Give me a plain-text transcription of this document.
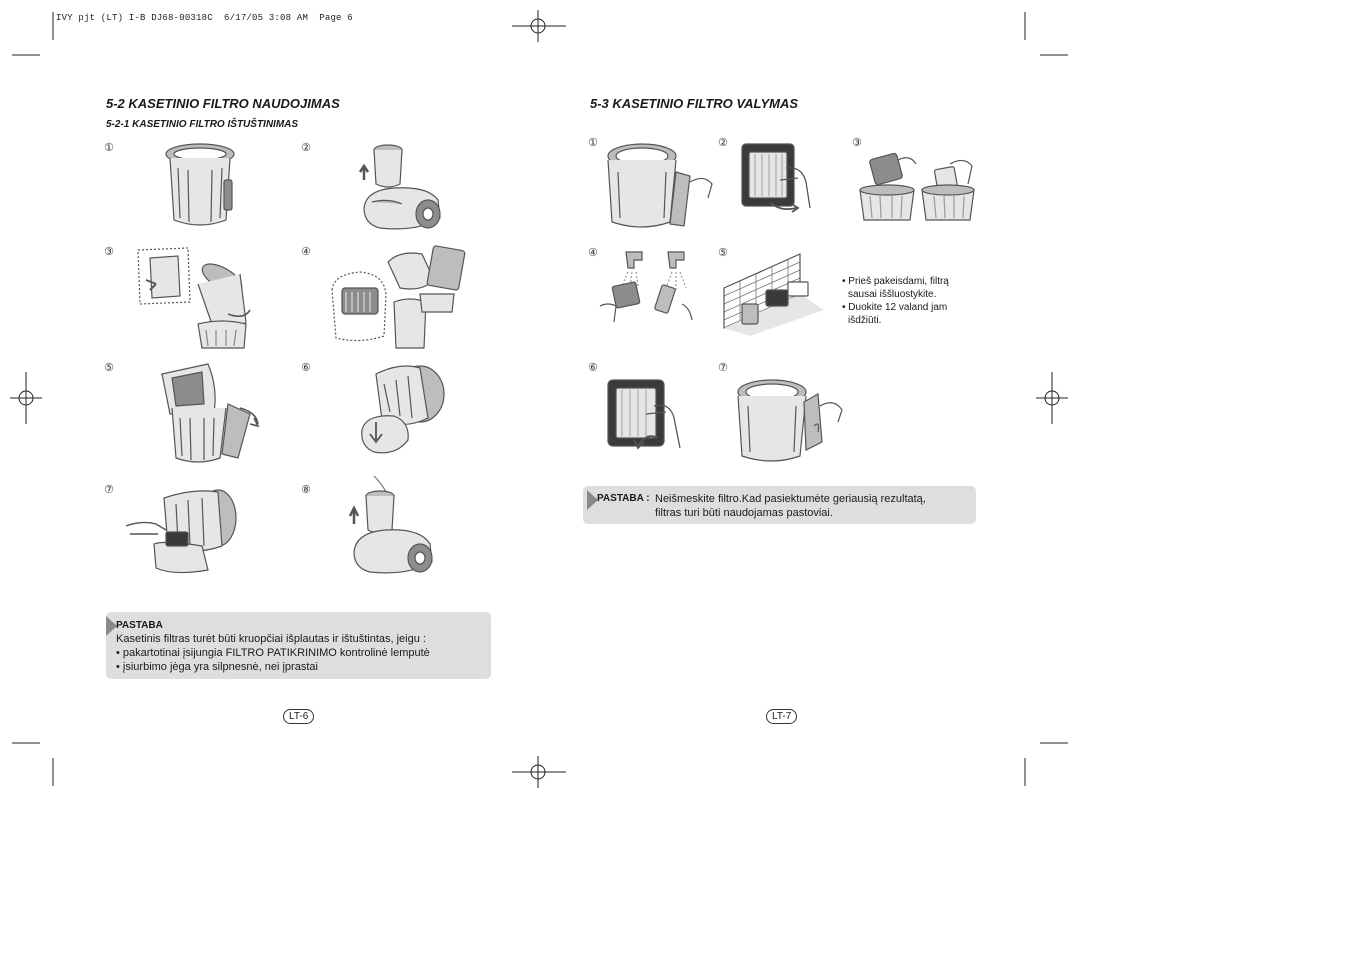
IVY pjt (LT) I-B DJ68-00318C  6/17/05 3:08 AM  Page 6
5-2 KASETINIO FILTRO NAUDOJIMAS
5-2-1 KASETINIO FILTRO IŠTUŠTINIMAS
①	②
③	④
⑤	⑥
⑦	⑧
PASTABA
Kasetinis filtras turėt būti kruopčiai išplautas ir ištuštintas, jeigu :
• pakartotinai įsijungia FILTRO PATIKRINIMO kontrolinė lemputė
• įsiurbimo jėga yra silpnesnė, nei įprastai
LT-6
5-3 KASETINIO FILTRO VALYMAS
①	②	③
④	⑤
⑥	⑦
• Prieš pakeisdami, filtrą
sausai iššluostykite.
• Duokite 12 valand jam
išdžiūti.
PASTABA : Neišmeskite filtro.Kad pasiektumėte geriausią rezultatą,
filtras turi būti naudojamas pastoviai.
LT-7
